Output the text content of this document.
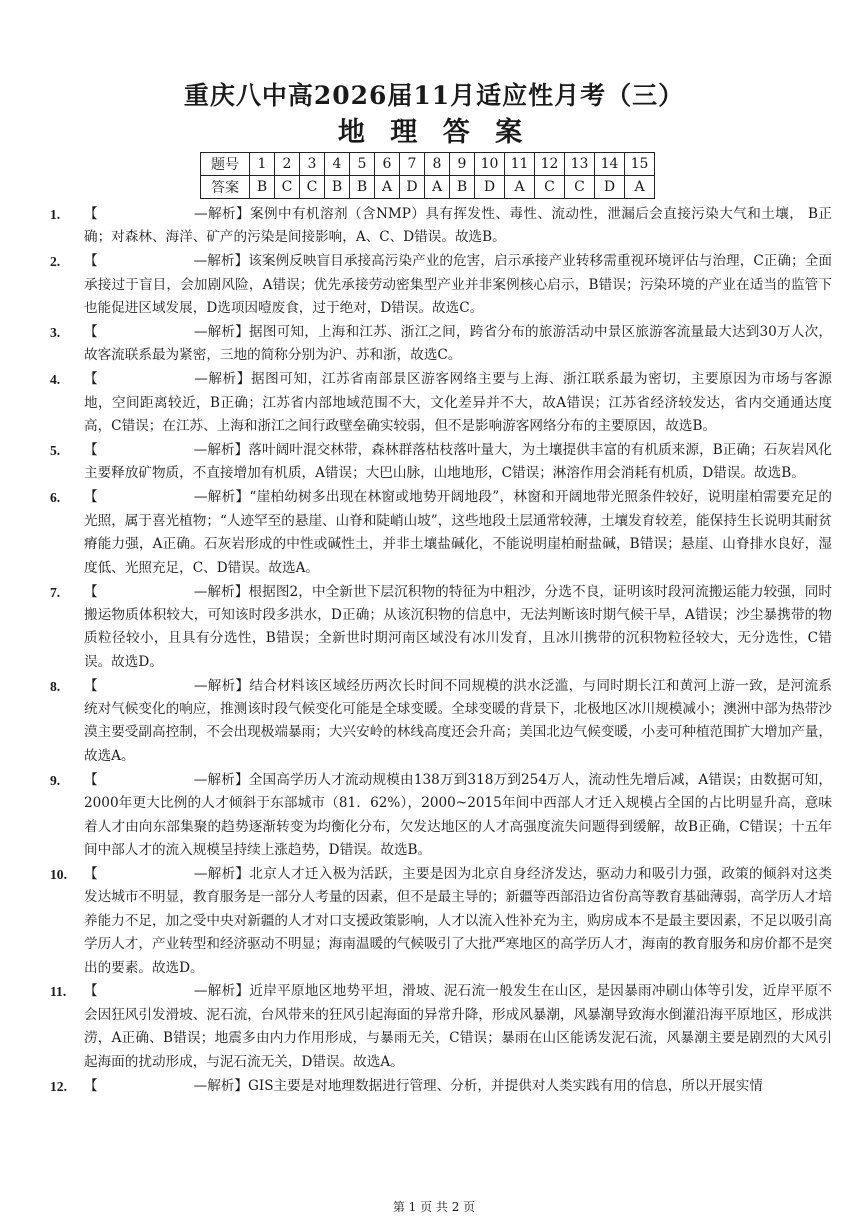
重庆八中高2026届11月适应性月考（三）
地 理 答 案
题号	1	2	3	4	5	6	7	8	9	10	11	12	13	14	15
答案	B	C	C	B	B	A	D	A	B	D	A	C	C	D	A
1.	【	—解析】案例中有机溶剂（含NMP）具有挥发性、毒性、流动性，泄漏后会直接污染大气和土壤， B正确；对森林、海洋、矿产的污染是间接影响，A、C、D错误。故选B。
2.	【	—解析】该案例反映盲目承接高污染产业的危害，启示承接产业转移需重视环境评估与治理，C正确；全面承接过于盲目，会加剧风险，A错误；优先承接劳动密集型产业并非案例核心启示，B错误；污染环境的产业在适当的监管下也能促进区域发展，D选项因噎废食，过于绝对，D错误。故选C。
3.	【	—解析】据图可知，上海和江苏、浙江之间，跨省分布的旅游活动中景区旅游客流量最大达到30万人次，故客流联系最为紧密，三地的简称分别为沪、苏和浙，故选C。
4.	【	—解析】据图可知，江苏省南部景区游客网络主要与上海、浙江联系最为密切，主要原因为市场与客源地，空间距离较近，B正确；江苏省内部地域范围不大，文化差异并不大，故A错误；江苏省经济较发达，省内交通通达度高，C错误；在江苏、上海和浙江之间行政壁垒确实较弱，但不是影响游客网络分布的主要原因，故选B。
5.	【	—解析】落叶阔叶混交林带，森林群落枯枝落叶量大，为土壤提供丰富的有机质来源，B正确；石灰岩风化主要释放矿物质，不直接增加有机质，A错误；大巴山脉，山地地形，C错误；淋溶作用会消耗有机质，D错误。故选B。
6.	【	—解析】“崖柏幼树多出现在林窗或地势开阔地段”，林窗和开阔地带光照条件较好，说明崖柏需要充足的光照，属于喜光植物；“人迹罕至的悬崖、山脊和陡峭山坡”，这些地段土层通常较薄，土壤发育较差，能保持生长说明其耐贫瘠能力强，A正确。石灰岩形成的中性或碱性土，并非土壤盐碱化，不能说明崖柏耐盐碱，B错误；悬崖、山脊排水良好，湿度低、光照充足，C、D错误。故选A。
7.	【	—解析】根据图2，中全新世下层沉积物的特征为中粗沙，分选不良，证明该时段河流搬运能力较强，同时搬运物质体积较大，可知该时段多洪水，D正确；从该沉积物的信息中，无法判断该时期气候干旱，A错误；沙尘暴携带的物质粒径较小，且具有分选性，B错误；全新世时期河南区域没有冰川发育，且冰川携带的沉积物粒径较大，无分选性，C错误。故选D。
8.	【	—解析】结合材料该区域经历两次长时间不同规模的洪水泛滥，与同时期长江和黄河上游一致，是河流系统对气候变化的响应，推测该时段气候变化可能是全球变暖。全球变暖的背景下，北极地区冰川规模减小；澳洲中部为热带沙漠主要受副高控制，不会出现极端暴雨；大兴安岭的林线高度还会升高；美国北边气候变暖，小麦可种植范围扩大增加产量，故选A。
9.	【	—解析】全国高学历人才流动规模由138万到318万到254万人，流动性先增后减，A错误；由数据可知，2000年更大比例的人才倾斜于东部城市（81．62%），2000~2015年间中西部人才迁入规模占全国的占比明显升高，意味着人才由向东部集聚的趋势逐渐转变为均衡化分布，欠发达地区的人才高强度流失问题得到缓解，故B正确，C错误；十五年间中部人才的流入规模呈持续上涨趋势，D错误。故选B。
10.	【	—解析】北京人才迁入极为活跃，主要是因为北京自身经济发达，驱动力和吸引力强，政策的倾斜对这类发达城市不明显，教育服务是一部分人考量的因素，但不是最主导的；新疆等西部沿边省份高等教育基础薄弱，高学历人才培养能力不足，加之受中央对新疆的人才对口支援政策影响，人才以流入性补充为主，购房成本不是最主要因素，不足以吸引高学历人才，产业转型和经济驱动不明显；海南温暖的气候吸引了大批严寒地区的高学历人才，海南的教育服务和房价都不是突出的要素。故选D。
11.	【	—解析】近岸平原地区地势平坦，滑坡、泥石流一般发生在山区，是因暴雨冲刷山体等引发，近岸平原不会因狂风引发滑坡、泥石流，台风带来的狂风引起海面的异常升降，形成风暴潮，风暴潮导致海水倒灌沿海平原地区，形成洪涝，A正确、B错误；地震多由内力作用形成，与暴雨无关，C错误；暴雨在山区能诱发泥石流，风暴潮主要是剧烈的大风引起海面的扰动形成，与泥石流无关，D错误。故选A。
12.	【	—解析】GIS主要是对地理数据进行管理、分析，并提供对人类实践有用的信息，所以开展实情
第 1 页 共 2 页
